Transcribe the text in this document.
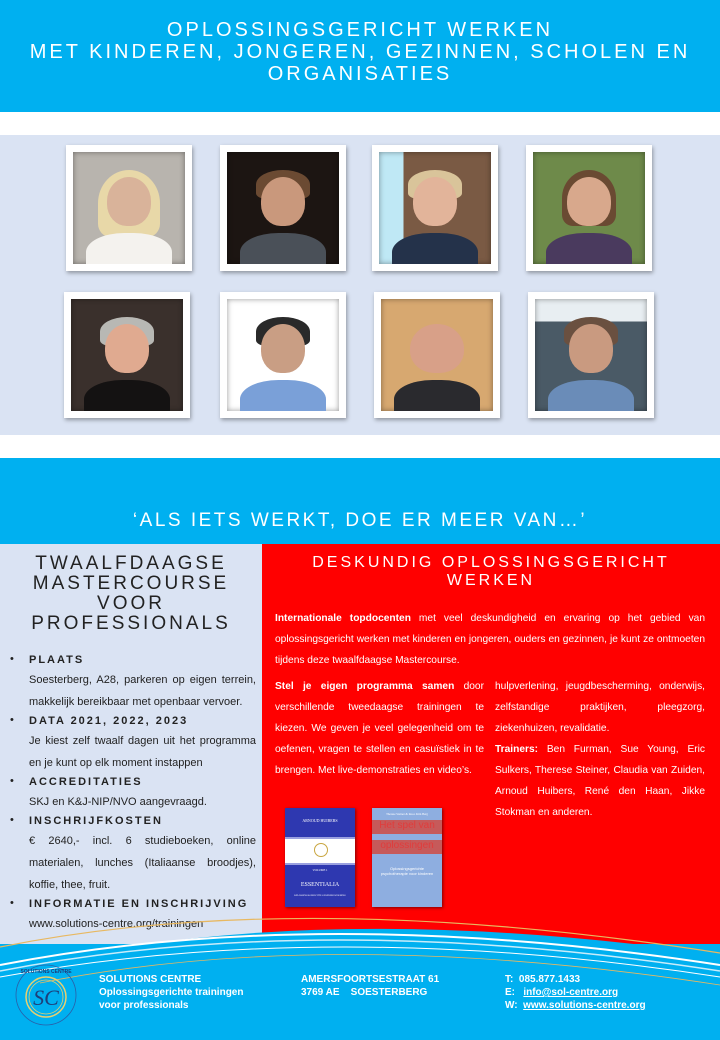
OPLOSSINGSGERICHT WERKEN
MET KINDEREN, JONGEREN, GEZINNEN, SCHOLEN EN
ORGANISATIES
‘ALS IETS WERKT, DOE ER MEER VAN…’
TWAALFDAAGSE
MASTERCOURSE VOOR
PROFESSIONALS
• PLAATS
Soesterberg, A28, parkeren op eigen terrein, makkelijk bereikbaar met openbaar vervoer.
• DATA 2021, 2022, 2023
Je kiest zelf twaalf dagen uit het programma en je kunt op elk moment instappen
• ACCREDITATIES
SKJ en K&J-NIP/NVO aangevraagd.
• INSCHRIJFKOSTEN
€ 2640,- incl. 6 studieboeken, online materialen, lunches (Italiaanse broodjes), koffie, thee, fruit.
• INFORMATIE EN INSCHRIJVING
www.solutions-centre.org/trainingen
DESKUNDIG OPLOSSINGSGERICHT
WERKEN

Internationale topdocenten met veel deskundigheid en ervaring op het gebied van oplossingsgericht werken met kinderen en jongeren, ouders en gezinnen, je kunt ze ontmoeten tijdens deze twaalfdaagse Mastercourse.

Stel je eigen programma samen door verschillende tweedaagse trainingen te kiezen. We geven je veel gelegenheid om te oefenen, vragen te stellen en casuïstiek in te brengen. Met live-demonstraties en video’s.

hulpverlening, jeugdbescherming, onderwijs, zelfstandige praktijken, pleegzorg, ziekenhuizen, revalidatie.
Trainers: Ben Furman, Sue Young, Eric Sulkers, Therese Steiner, Claudia van Zuiden, Arnoud Huibers, René den Haan, Jikke Stokman en anderen.

ARNOUD HUIBERS
VOLUME 1
ESSENTIALIA
OPLOSSINGSGERICHTE GESPREKSVOERING
Therese Steiner & Insoo Kim Berg
Het spel van
oplossingen
Oplossingsgerichte psychotherapie voor kinderen
SC
SOLUTIONS CENTRE
SOLUTIONS CENTRE
Oplossingsgerichte trainingen
voor professionals
AMERSFOORTSESTRAAT 61
3769 AE    SOESTERBERG
T: 085.877.1433
E: info@sol-centre.org
W: www.solutions-centre.org
